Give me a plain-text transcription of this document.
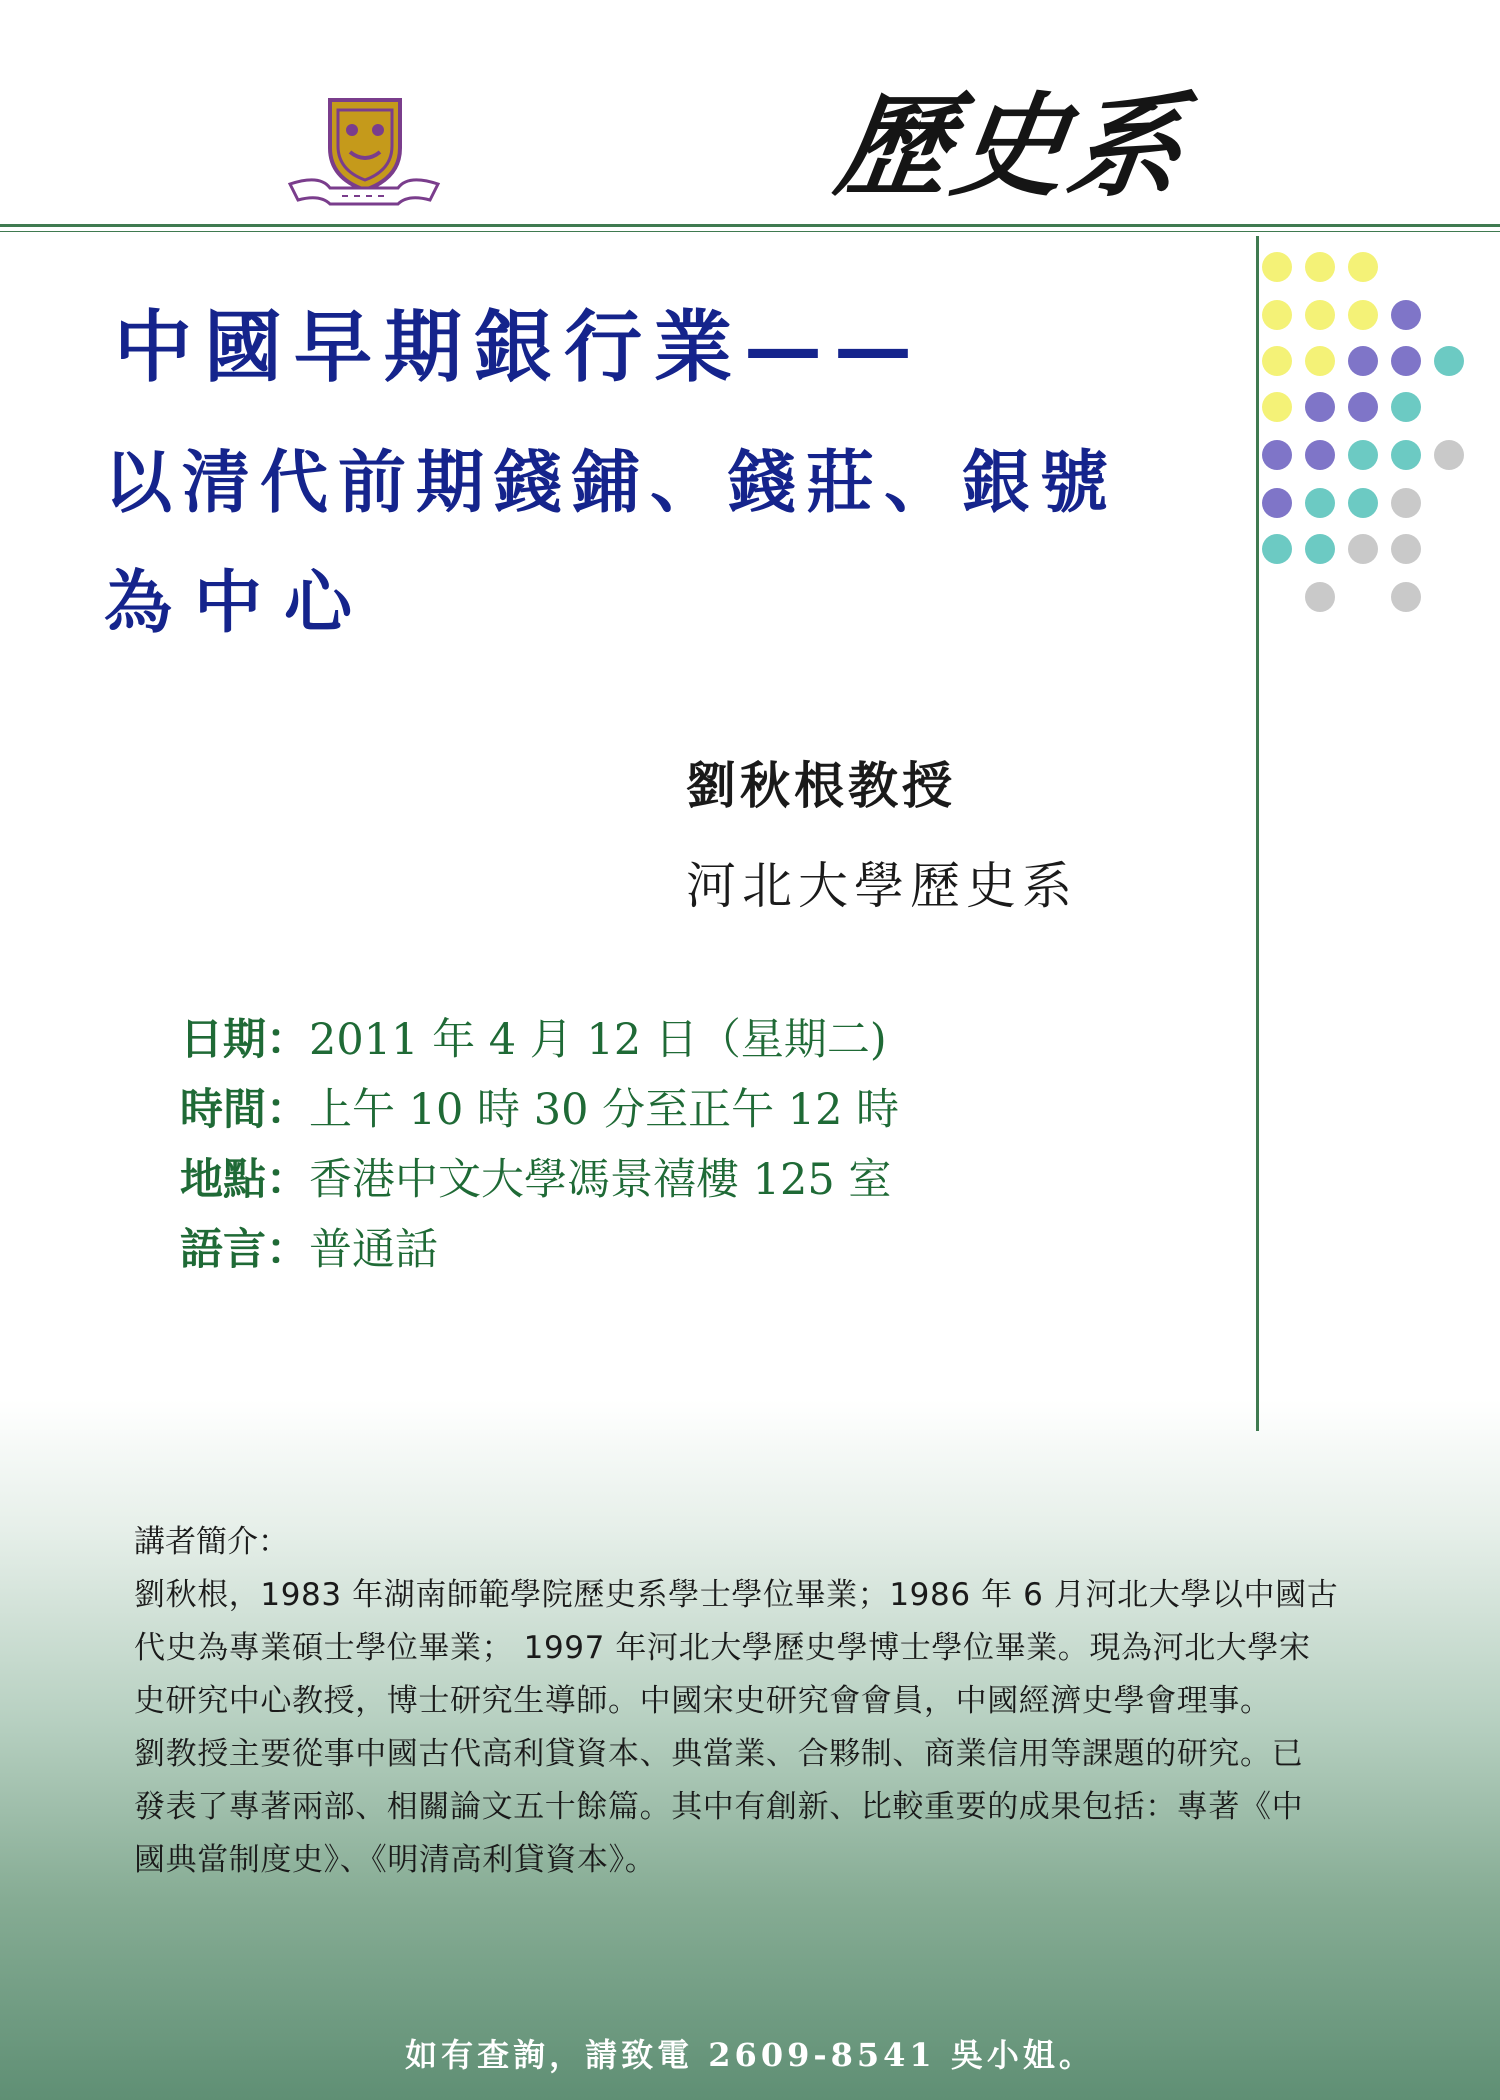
歷史系
中國早期銀行業——
以清代前期錢鋪、錢莊、銀號
為中心
劉秋根教授
河北大學歷史系
日期：2011 年 4 月 12 日（星期二)
時間：上午 10 時 30 分至正午 12 時
地點：香港中文大學馮景禧樓 125 室
語言：普通話
講者簡介：
劉秋根，1983 年湖南師範學院歷史系學士學位畢業；1986 年 6 月河北大學以中國古
代史為專業碩士學位畢業； 1997 年河北大學歷史學博士學位畢業。現為河北大學宋
史研究中心教授，博士研究生導師。中國宋史研究會會員，中國經濟史學會理事。
劉教授主要從事中國古代高利貸資本、典當業、合夥制、商業信用等課題的研究。已
發表了專著兩部、相關論文五十餘篇。其中有創新、比較重要的成果包括：專著《中
國典當制度史》、《明清高利貸資本》。
如有查詢，請致電 2609-8541 吳小姐。
